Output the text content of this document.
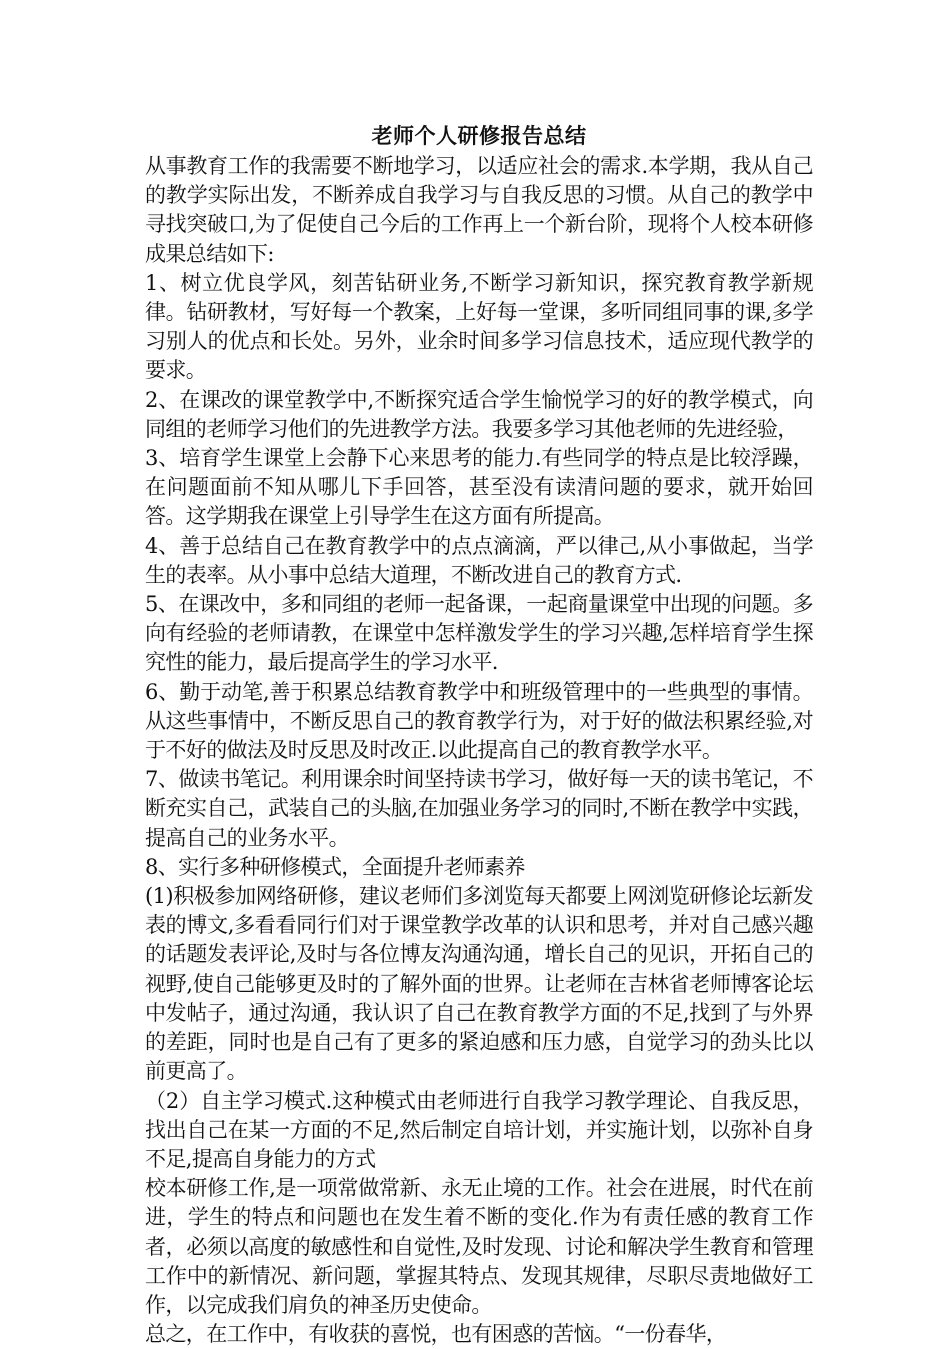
老师个人研修报告总结

从事教育工作的我需要不断地学习，以适应社会的需求.本学期，我从自己的教学实际出发，不断养成自我学习与自我反思的习惯。从自己的教学中寻找突破口,为了促使自己今后的工作再上一个新台阶，现将个人校本研修成果总结如下:

1、树立优良学风，刻苦钻研业务,不断学习新知识，探究教育教学新规律。钻研教材，写好每一个教案，上好每一堂课，多听同组同事的课,多学习别人的优点和长处。另外，业余时间多学习信息技术，适应现代教学的要求。

2、在课改的课堂教学中,不断探究适合学生愉悦学习的好的教学模式，向同组的老师学习他们的先进教学方法。我要多学习其他老师的先进经验，

3、培育学生课堂上会静下心来思考的能力.有些同学的特点是比较浮躁，在问题面前不知从哪儿下手回答，甚至没有读清问题的要求，就开始回答。这学期我在课堂上引导学生在这方面有所提高。

4、善于总结自己在教育教学中的点点滴滴，严以律己,从小事做起，当学生的表率。从小事中总结大道理，不断改进自己的教育方式.

5、在课改中，多和同组的老师一起备课，一起商量课堂中出现的问题。多向有经验的老师请教，在课堂中怎样激发学生的学习兴趣,怎样培育学生探究性的能力，最后提高学生的学习水平.

6、勤于动笔,善于积累总结教育教学中和班级管理中的一些典型的事情。从这些事情中，不断反思自己的教育教学行为，对于好的做法积累经验,对于不好的做法及时反思及时改正.以此提高自己的教育教学水平。

7、做读书笔记。利用课余时间坚持读书学习，做好每一天的读书笔记，不断充实自己，武装自己的头脑,在加强业务学习的同时,不断在教学中实践，提高自己的业务水平。

8、实行多种研修模式，全面提升老师素养

(1)积极参加网络研修，建议老师们多浏览每天都要上网浏览研修论坛新发表的博文,多看看同行们对于课堂教学改革的认识和思考，并对自己感兴趣的话题发表评论,及时与各位博友沟通沟通，增长自己的见识，开拓自己的视野,使自己能够更及时的了解外面的世界。让老师在吉林省老师博客论坛中发帖子，通过沟通，我认识了自己在教育教学方面的不足,找到了与外界的差距，同时也是自己有了更多的紧迫感和压力感，自觉学习的劲头比以前更高了。

（2）自主学习模式.这种模式由老师进行自我学习教学理论、自我反思，找出自己在某一方面的不足,然后制定自培计划，并实施计划，以弥补自身不足,提高自身能力的方式

校本研修工作,是一项常做常新、永无止境的工作。社会在进展，时代在前进，学生的特点和问题也在发生着不断的变化.作为有责任感的教育工作者，必须以高度的敏感性和自觉性,及时发现、讨论和解决学生教育和管理工作中的新情况、新问题，掌握其特点、发现其规律，尽职尽责地做好工作，以完成我们肩负的神圣历史使命。

总之，在工作中，有收获的喜悦，也有困惑的苦恼。“一份春华，
